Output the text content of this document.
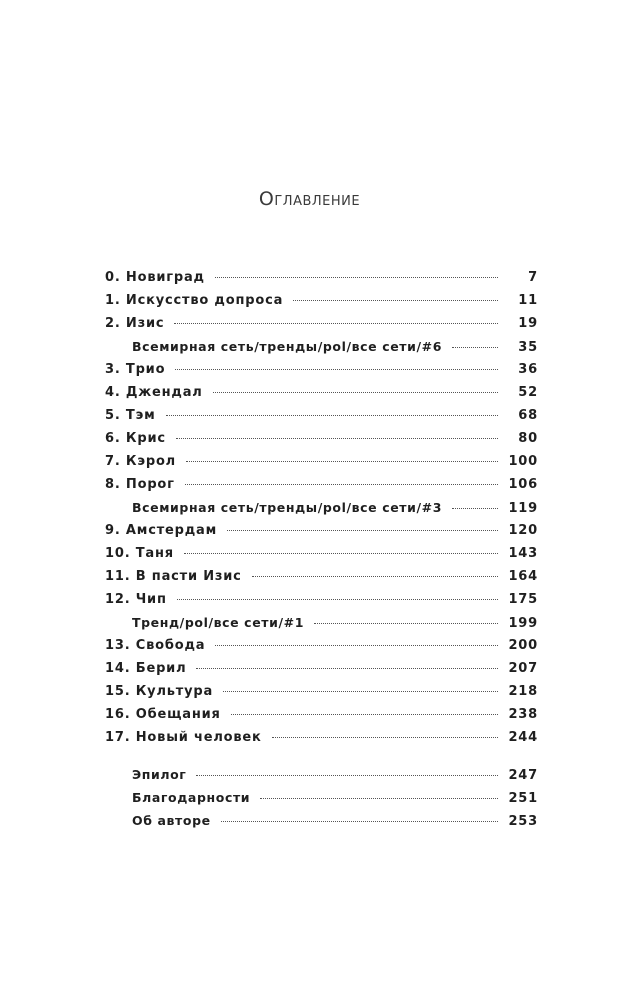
Оглавление
0. Новиград	7
1. Искусство допроса	11
2. Изис	19
Всемирная сеть/тренды/pol/все сети/#6	35
3. Трио	36
4. Джендал	52
5. Тэм	68
6. Крис	80
7. Кэрол	100
8. Порог	106
Всемирная сеть/тренды/pol/все сети/#3	119
9. Амстердам	120
10. Таня	143
11. В пасти Изис	164
12. Чип	175
Тренд/pol/все сети/#1	199
13. Свобода	200
14. Берил	207
15. Культура	218
16. Обещания	238
17. Новый человек	244
Эпилог	247
Благодарности	251
Об авторе	253
